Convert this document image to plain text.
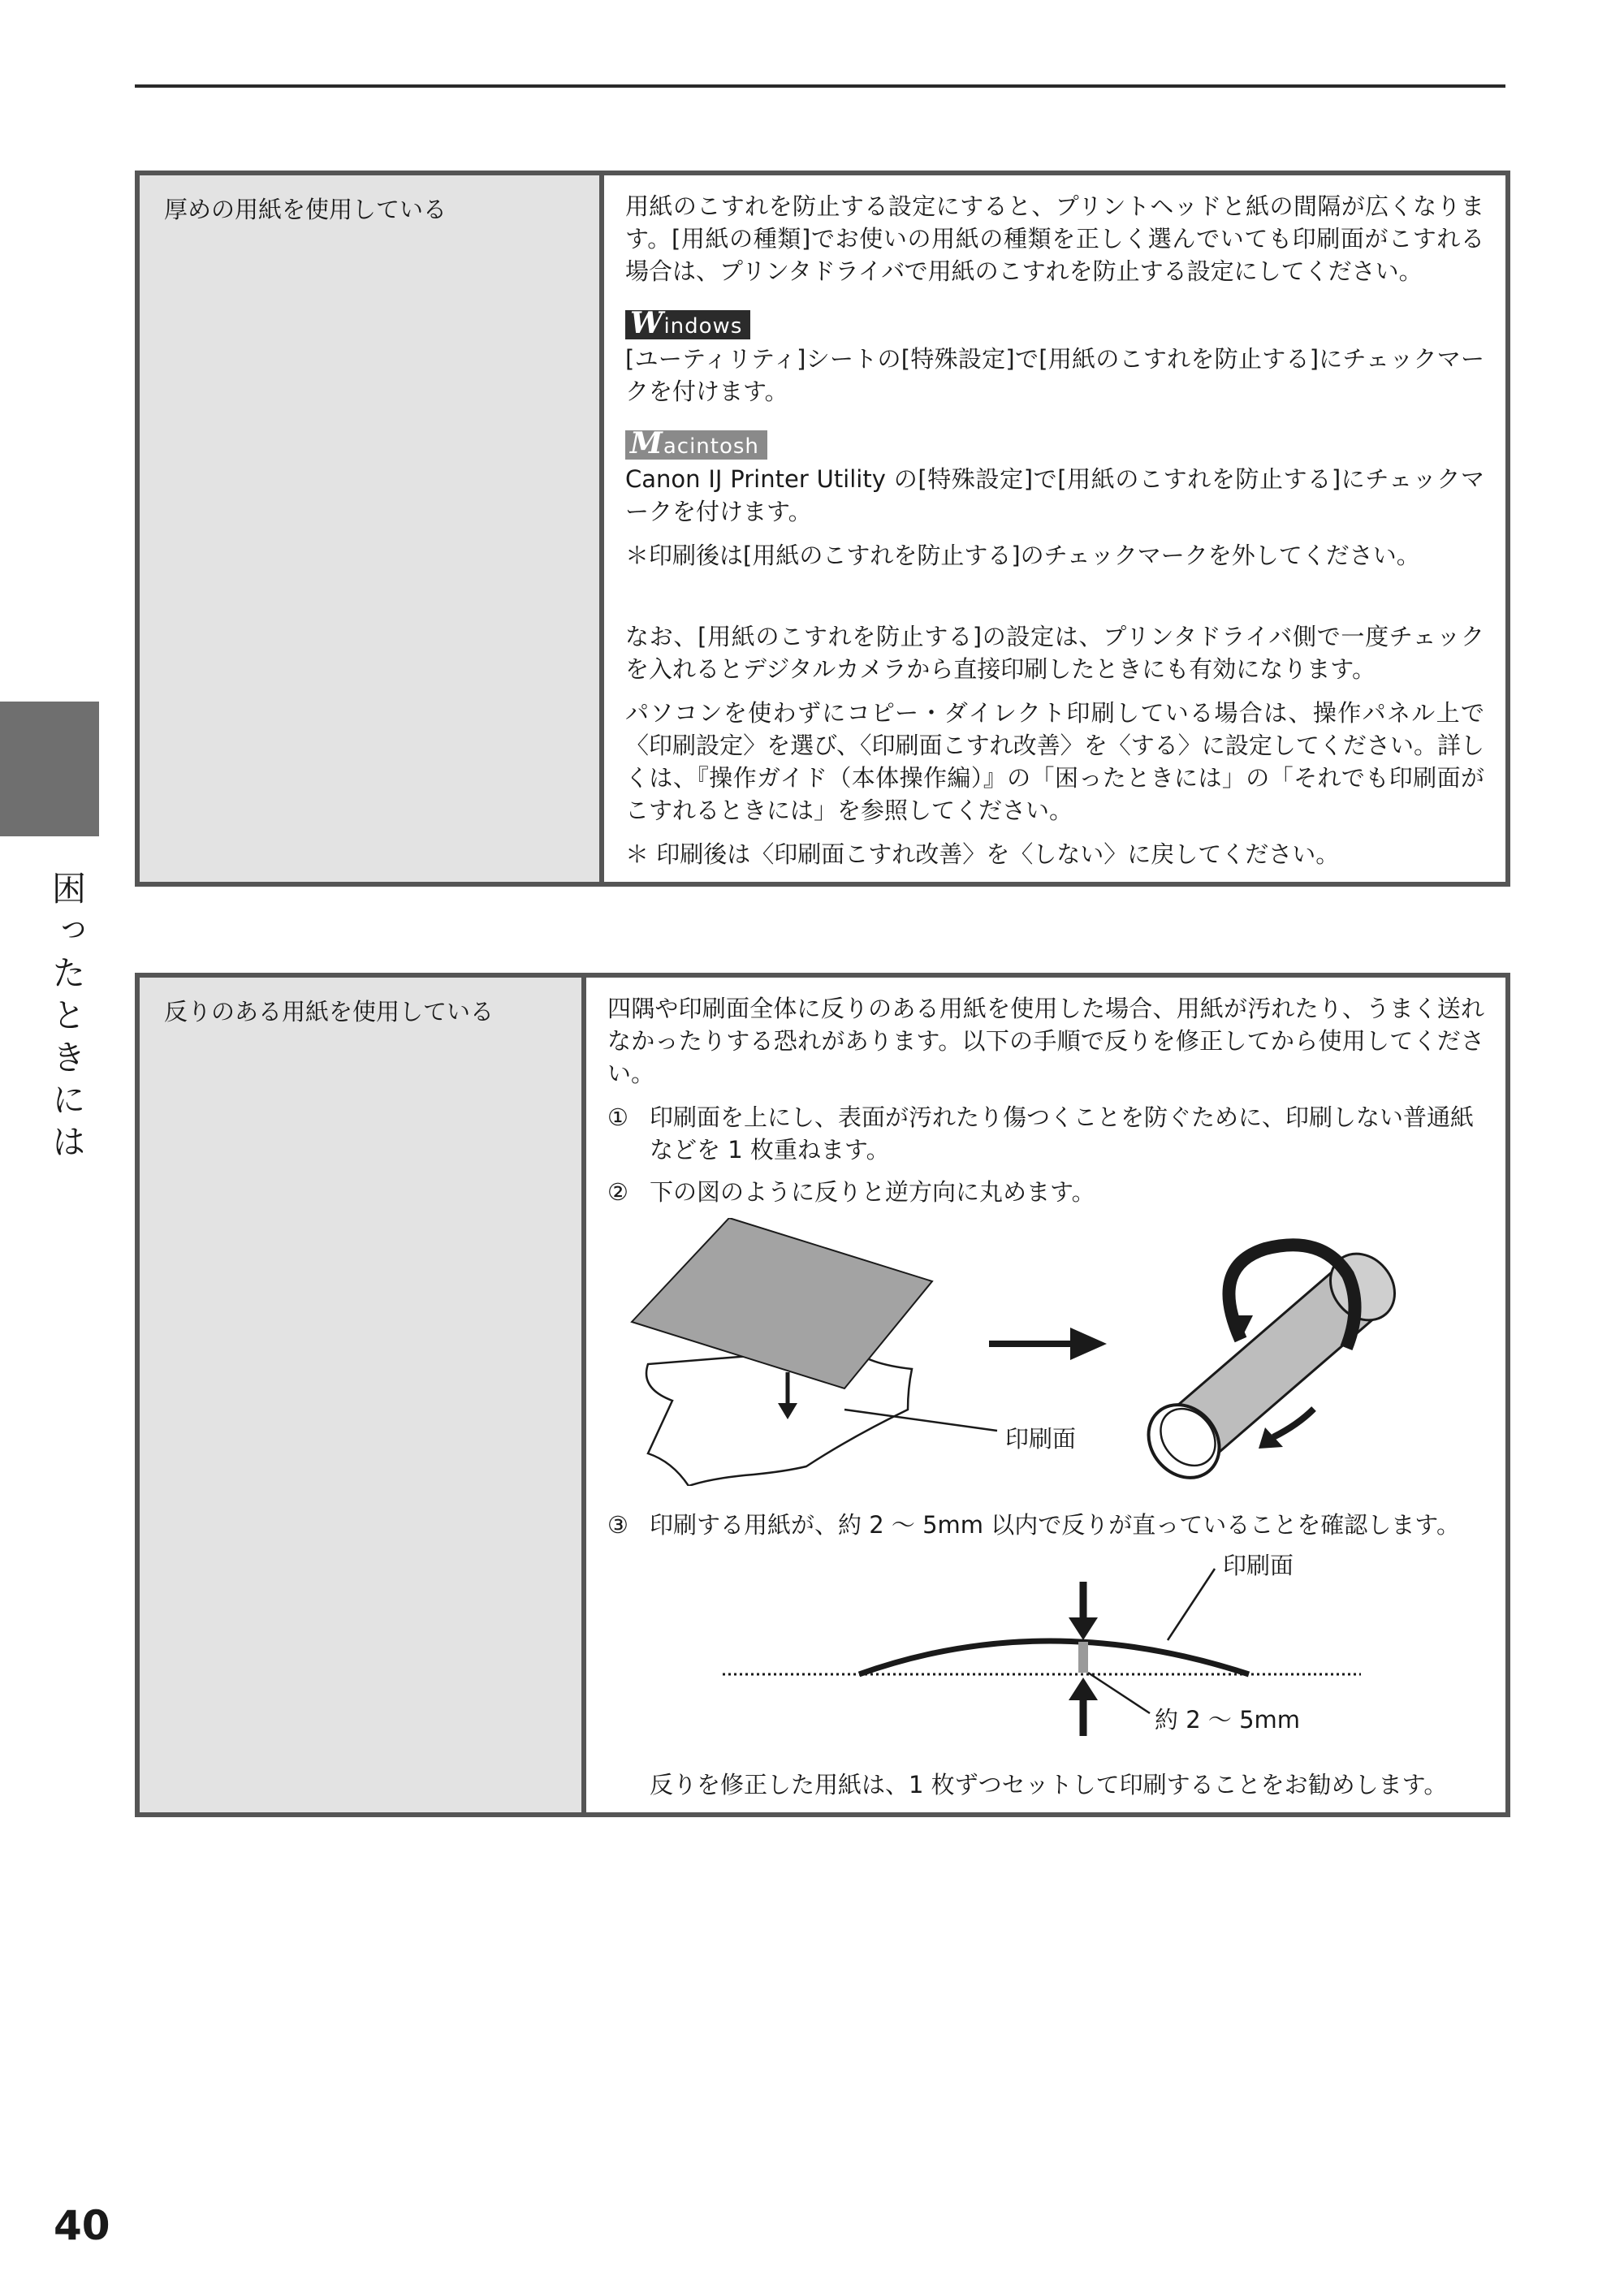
困ったときには
40
厚めの用紙を使用している	用紙のこすれを防止する設定にすると、プリントヘッドと紙の間隔が広くなります。[用紙の種類]でお使いの用紙の種類を正しく選んでいても印刷面がこすれる場合は、プリンタドライバで用紙のこすれを防止する設定にしてください。

Windows

[ユーティリティ]シートの[特殊設定]で[用紙のこすれを防止する]にチェックマークを付けます。

Macintosh

Canon IJ Printer Utility の[特殊設定]で[用紙のこすれを防止する]にチェックマークを付けます。

＊印刷後は[用紙のこすれを防止する]のチェックマークを外してください。

なお、[用紙のこすれを防止する]の設定は、プリンタドライバ側で一度チェックを入れるとデジタルカメラから直接印刷したときにも有効になります。

パソコンを使わずにコピー・ダイレクト印刷している場合は、操作パネル上で〈印刷設定〉を選び、〈印刷面こすれ改善〉を〈する〉に設定してください。詳しくは、『操作ガイド（本体操作編）』の「困ったときには」の「それでも印刷面がこすれるときには」を参照してください。

＊ 印刷後は〈印刷面こすれ改善〉を〈しない〉に戻してください。

反りのある用紙を使用している	四隅や印刷面全体に反りのある用紙を使用した場合、用紙が汚れたり、うまく送れなかったりする恐れがあります。以下の手順で反りを修正してから使用してください。

① 印刷面を上にし、表面が汚れたり傷つくことを防ぐために、印刷しない普通紙などを 1 枚重ねます。
② 下の図のように反りと逆方向に丸めます。
印刷面
③ 印刷する用紙が、約 2 〜 5mm 以内で反りが直っていることを確認します。
印刷面
約 2 〜 5mm

反りを修正した用紙は、1 枚ずつセットして印刷することをお勧めします。
